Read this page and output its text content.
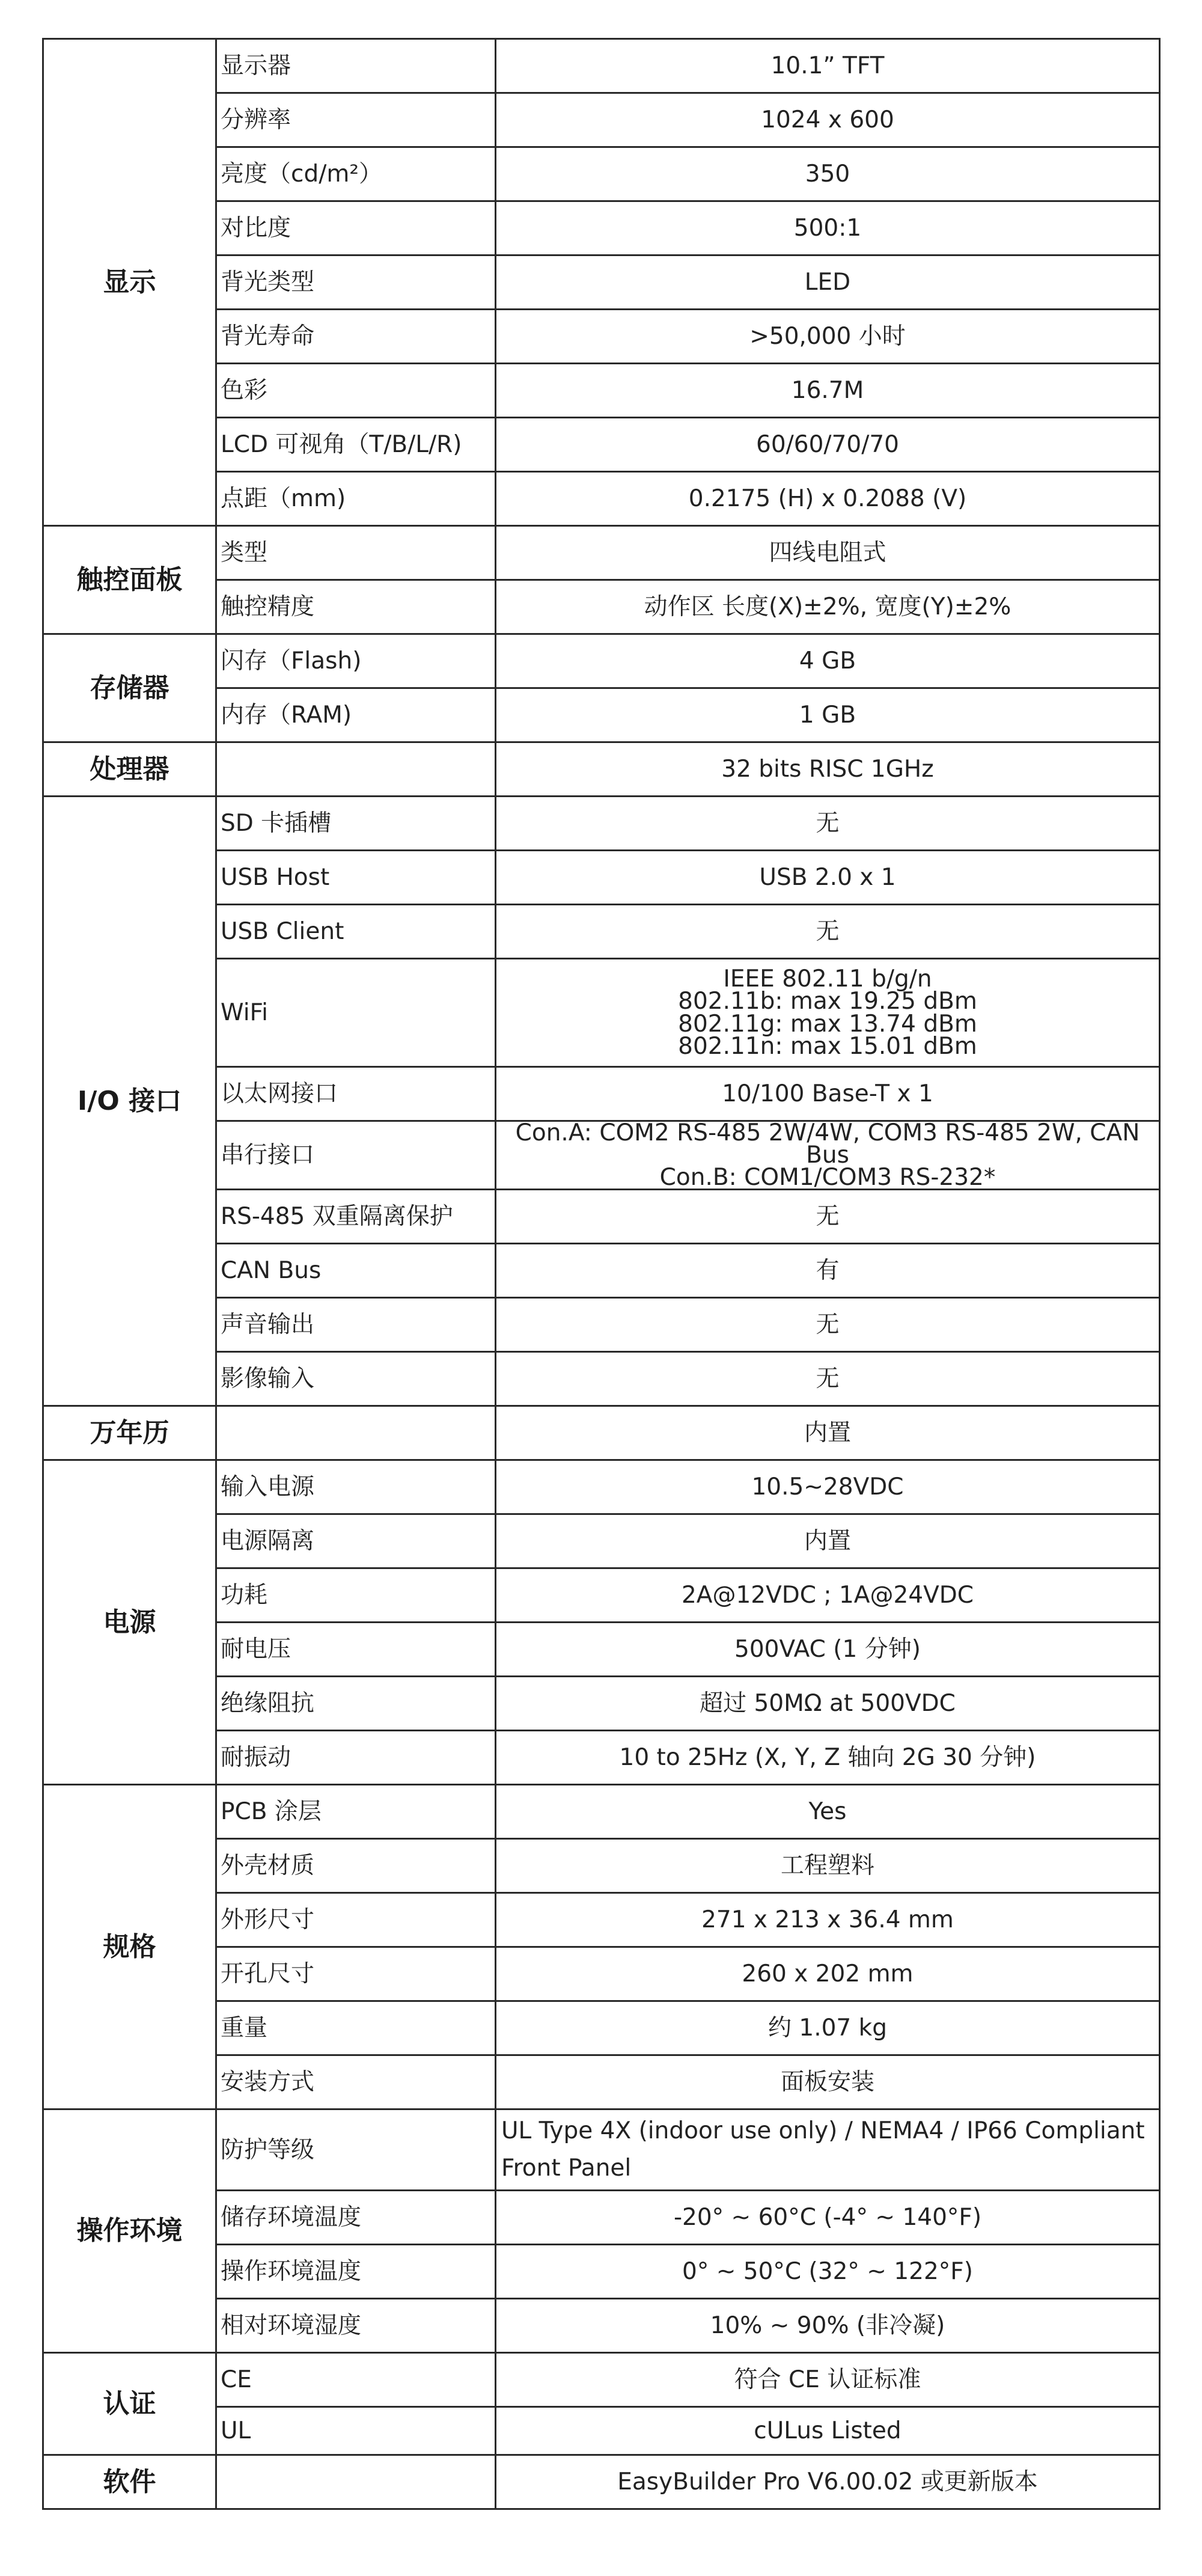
显示	显示器	10.1” TFT
	分辨率	1024 x 600
	亮度（cd/m²）	350
	对比度	500:1
	背光类型	LED
	背光寿命	>50,000 小时
	色彩	16.7M
	LCD 可视角（T/B/L/R)	60/60/70/70
	点距（mm)	0.2175 (H) x 0.2088 (V)
触控面板	类型	四线电阻式
	触控精度	动作区 长度(X)±2%, 宽度(Y)±2%
存储器	闪存（Flash)	4 GB
	内存（RAM)	1 GB
处理器		32 bits RISC 1GHz
I/O 接口	SD 卡插槽	无
	USB Host	USB 2.0 x 1
	USB Client	无
	WiFi	IEEE 802.11 b/g/n
802.11b: max 19.25 dBm
802.11g: max 13.74 dBm
802.11n: max 15.01 dBm

	以太网接口	10/100 Base-T x 1
	串行接口	Con.A: COM2 RS-485 2W/4W, COM3 RS-485 2W, CAN Bus
Con.B: COM1/COM3 RS-232*

	RS-485 双重隔离保护	无
	CAN Bus	有
	声音输出	无
	影像输入	无
万年历		内置
电源	输入电源	10.5~28VDC
	电源隔离	内置
	功耗	2A@12VDC ; 1A@24VDC
	耐电压	500VAC (1 分钟)
	绝缘阻抗	超过 50MΩ at 500VDC
	耐振动	10 to 25Hz (X, Y, Z 轴向 2G 30 分钟)
规格	PCB 涂层	Yes
	外壳材质	工程塑料
	外形尺寸	271 x 213 x 36.4 mm
	开孔尺寸	260 x 202 mm
	重量	约 1.07 kg
	安装方式	面板安装
操作环境	防护等级	UL Type 4X (indoor use only) / NEMA4 / IP66 Compliant
Front Panel

	储存环境温度	-20° ~ 60°C (-4° ~ 140°F)
	操作环境温度	0° ~ 50°C (32° ~ 122°F)
	相对环境湿度	10% ~ 90% (非冷凝)
认证	CE	符合 CE 认证标准
	UL	cULus Listed
软件		EasyBuilder Pro V6.00.02 或更新版本
